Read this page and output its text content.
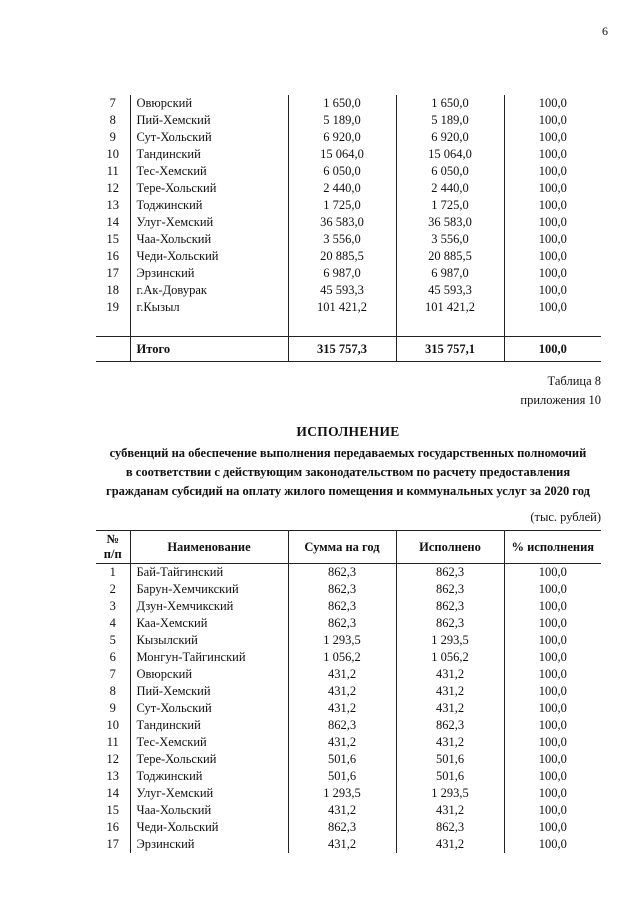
6
7	Овюрский	1 650,0	1 650,0	100,0
8	Пий-Хемский	5 189,0	5 189,0	100,0
9	Сут-Хольский	6 920,0	6 920,0	100,0
10	Тандинский	15 064,0	15 064,0	100,0
11	Тес-Хемский	6 050,0	6 050,0	100,0
12	Тере-Хольский	2 440,0	2 440,0	100,0
13	Тоджинский	1 725,0	1 725,0	100,0
14	Улуг-Хемский	36 583,0	36 583,0	100,0
15	Чаа-Хольский	3 556,0	3 556,0	100,0
16	Чеди-Хольский	20 885,5	20 885,5	100,0
17	Эрзинский	6 987,0	6 987,0	100,0
18	г.Ак-Довурак	45 593,3	45 593,3	100,0
19	г.Кызыл	101 421,2	101 421,2	100,0

	Итого	315 757,3	315 757,1	100,0
Таблица 8
приложения 10
ИСПОЛНЕНИЕ
субвенций на обеспечение выполнения передаваемых государственных полномочий
в соответствии с действующим законодательством по расчету предоставления
гражданам субсидий на оплату жилого помещения и коммунальных услуг за 2020 год
(тыс. рублей)
№
п/п	Наименование	Сумма на год	Исполнено	% исполнения
1	Бай-Тайгинский	862,3	862,3	100,0
2	Барун-Хемчикский	862,3	862,3	100,0
3	Дзун-Хемчикский	862,3	862,3	100,0
4	Каа-Хемский	862,3	862,3	100,0
5	Кызылский	1 293,5	1 293,5	100,0
6	Монгун-Тайгинский	1 056,2	1 056,2	100,0
7	Овюрский	431,2	431,2	100,0
8	Пий-Хемский	431,2	431,2	100,0
9	Сут-Хольский	431,2	431,2	100,0
10	Тандинский	862,3	862,3	100,0
11	Тес-Хемский	431,2	431,2	100,0
12	Тере-Хольский	501,6	501,6	100,0
13	Тоджинский	501,6	501,6	100,0
14	Улуг-Хемский	1 293,5	1 293,5	100,0
15	Чаа-Хольский	431,2	431,2	100,0
16	Чеди-Хольский	862,3	862,3	100,0
17	Эрзинский	431,2	431,2	100,0
